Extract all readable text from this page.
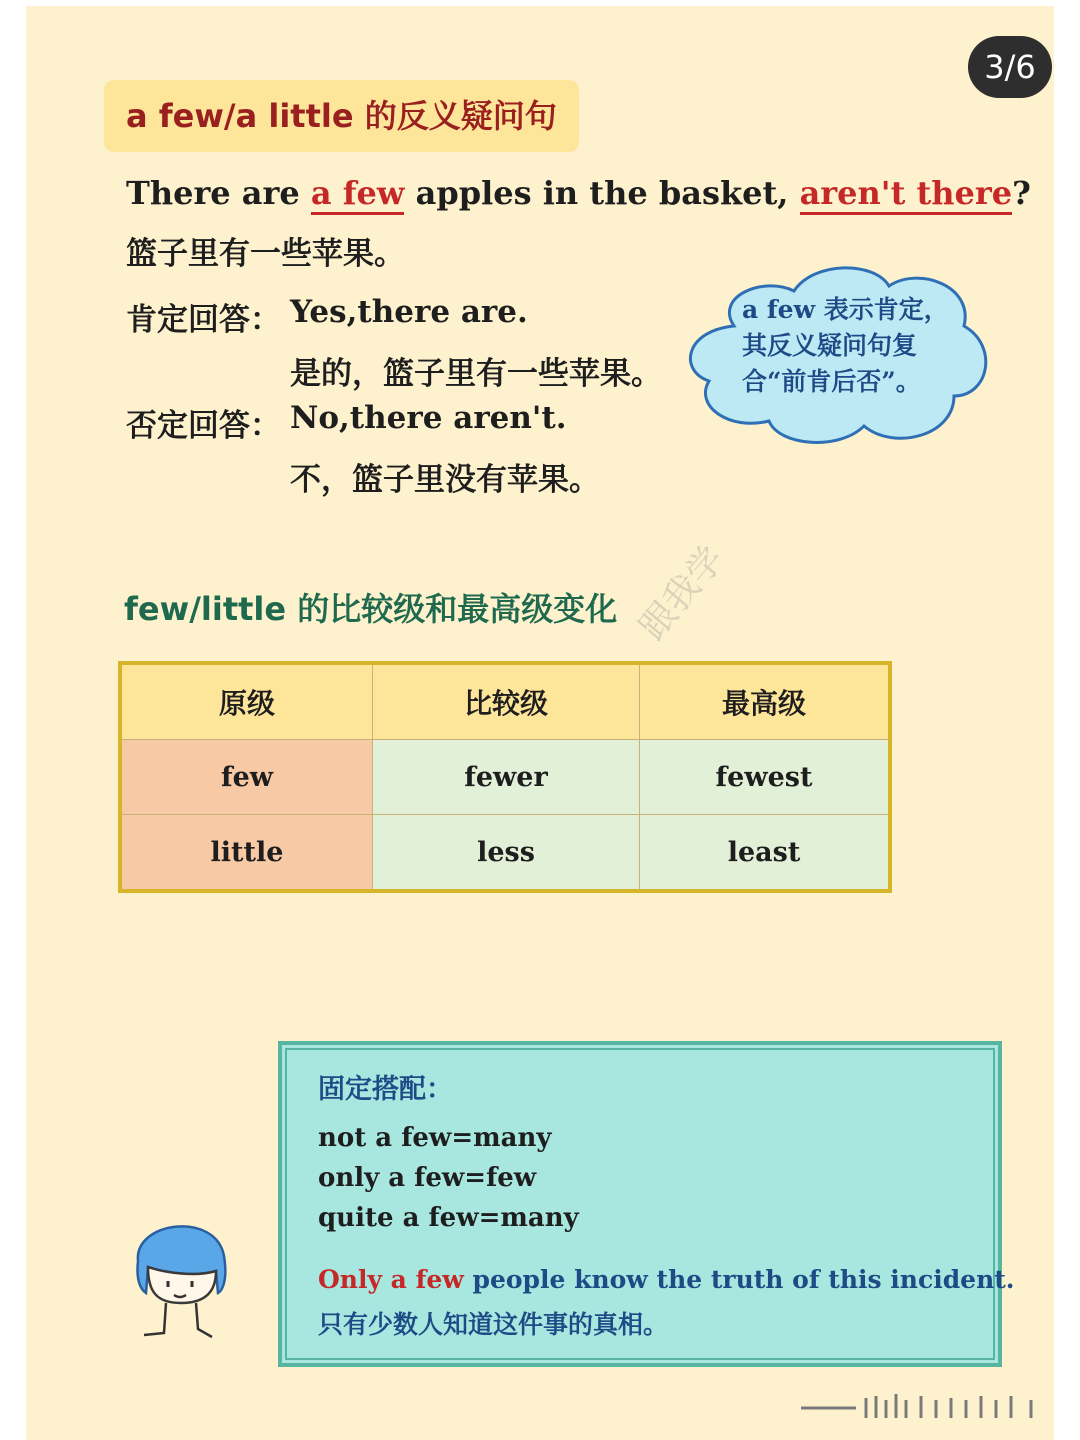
3/6
a few/a little 的反义疑问句
There are a few apples in the basket, aren't there?
篮子里有一些苹果。
肯定回答： Yes,there are.
是的，篮子里有一些苹果。
否定回答： No,there aren't.
不，篮子里没有苹果。
a few 表示肯定，
其反义疑问句复
合“前肯后否”。
few/little 的比较级和最高级变化 跟我学
原级	比较级	最高级
few	fewer	fewest
little	less	least
固定搭配：
not a few=many
only a few=few
quite a few=many
Only a few people know the truth of this incident.
只有少数人知道这件事的真相。
